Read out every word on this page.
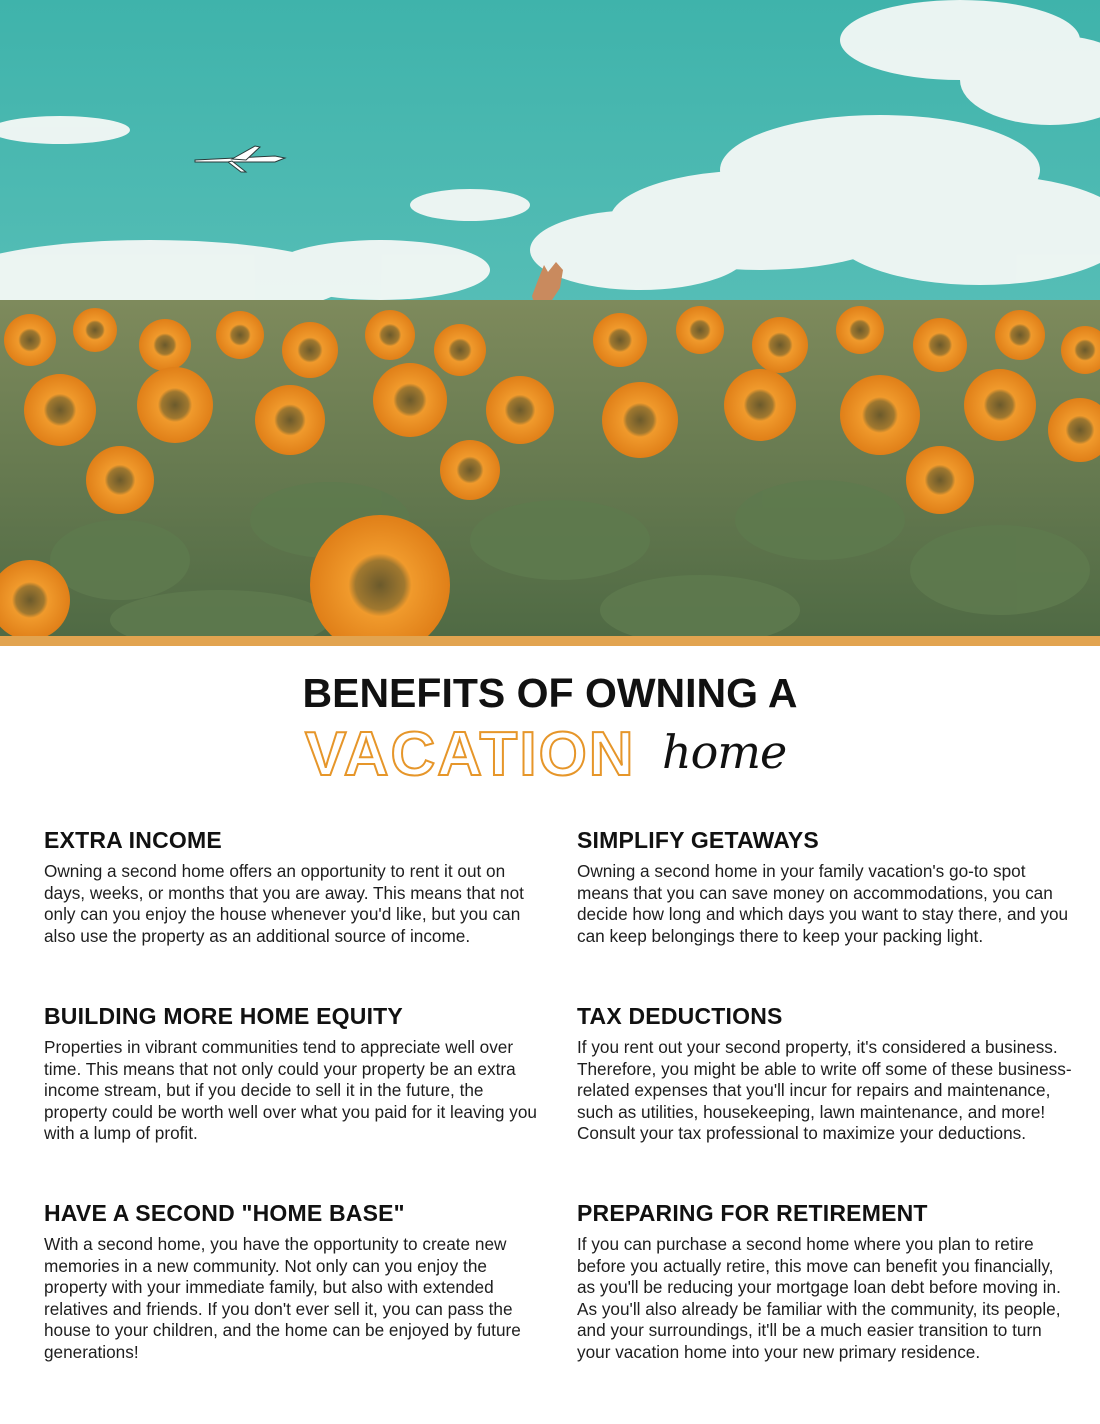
BENEFITS OF OWNING A
VACATION home
EXTRA INCOME

Owning a second home offers an opportunity to rent it out on days, weeks, or months that you are away. This means that not only can you enjoy the house whenever you'd like, but you can also use the property as an additional source of income.

SIMPLIFY GETAWAYS

Owning a second home in your family vacation's go-to spot means that you can save money on accommodations, you can decide how long and which days you want to stay there, and you can keep belongings there to keep your packing light.

BUILDING MORE HOME EQUITY

Properties in vibrant communities tend to appreciate well over time. This means that not only could your property be an extra income stream, but if you decide to sell it in the future, the property could be worth well over what you paid for it leaving you with a lump of profit.

TAX DEDUCTIONS

If you rent out your second property, it's considered a business. Therefore, you might be able to write off some of these business-related expenses that you'll incur for repairs and maintenance, such as utilities, housekeeping, lawn maintenance, and more! Consult your tax professional to maximize your deductions.

HAVE A SECOND "HOME BASE"

With a second home, you have the opportunity to create new memories in a new community. Not only can you enjoy the property with your immediate family, but also with extended relatives and friends. If you don't ever sell it, you can pass the house to your children, and the home can be enjoyed by future generations!

PREPARING FOR RETIREMENT

If you can purchase a second home where you plan to retire before you actually retire, this move can benefit you financially, as you'll be reducing your mortgage loan debt before moving in. As you'll also already be familiar with the community, its people, and your surroundings, it'll be a much easier transition to turn your vacation home into your new primary residence.
